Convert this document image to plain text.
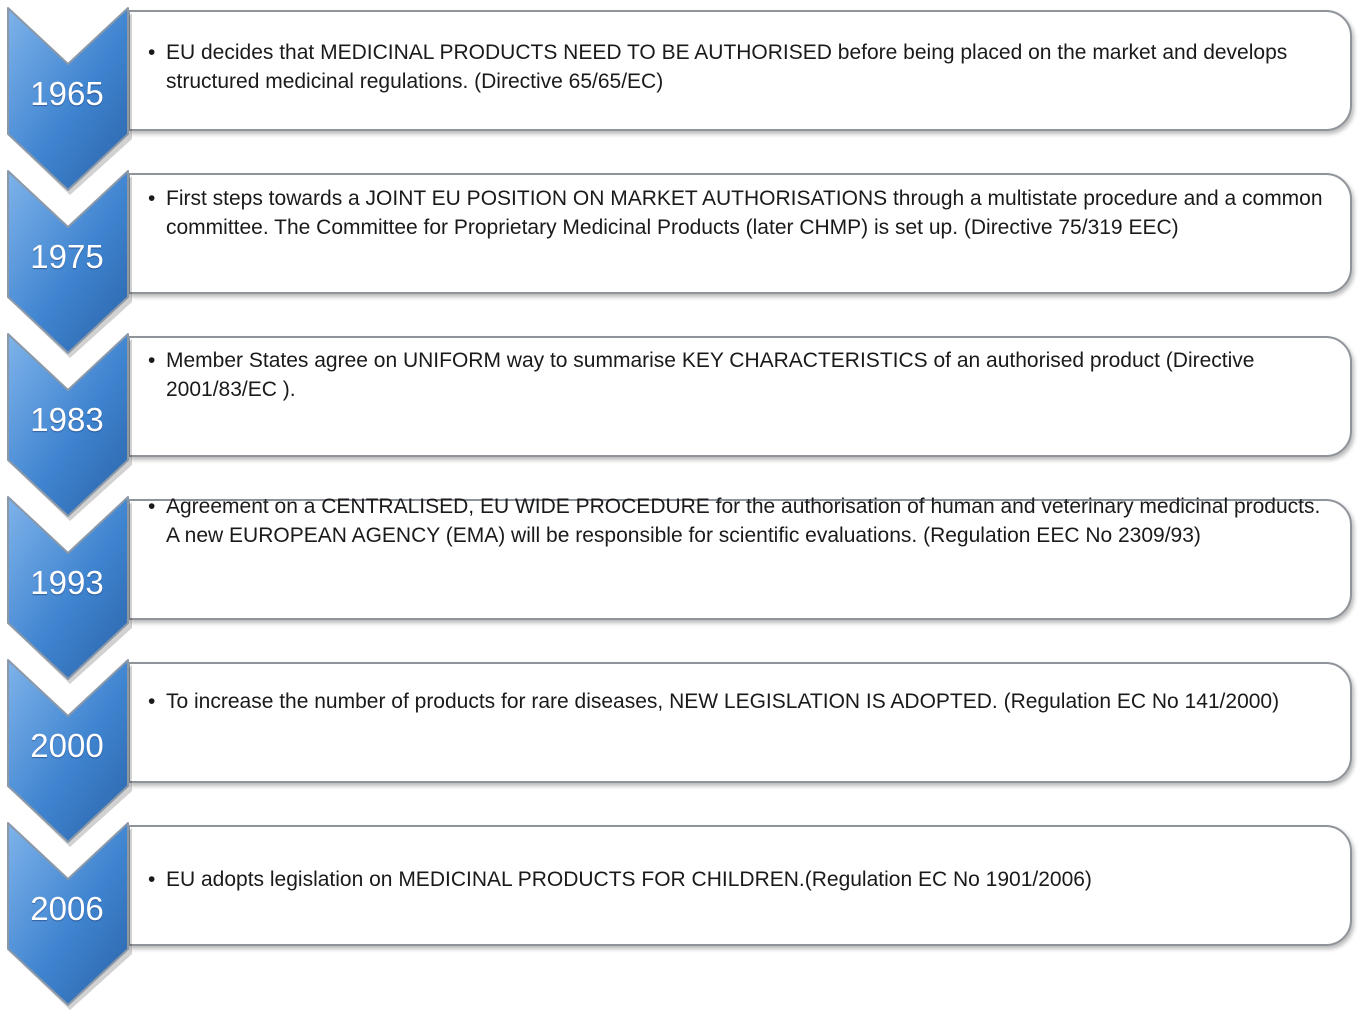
1965
• EU decides that MEDICINAL PRODUCTS NEED TO BE AUTHORISED before being placed on the market and develops structured medicinal regulations. (Directive 65/65/EC)
1975
• First steps towards a JOINT EU POSITION ON MARKET AUTHORISATIONS through a multistate procedure and a common committee. The Committee for Proprietary Medicinal Products (later CHMP) is set up. (Directive 75/319 EEC)
1983
• Member States agree on UNIFORM way to summarise KEY CHARACTERISTICS of an authorised product (Directive 2001/83/EC ).
1993
• Agreement on a CENTRALISED, EU WIDE PROCEDURE for the authorisation of human and veterinary medicinal products. A new EUROPEAN AGENCY (EMA) will be responsible for scientific evaluations. (Regulation EEC No 2309/93)
2000
• To increase the number of products for rare diseases, NEW LEGISLATION IS ADOPTED. (Regulation EC No 141/2000)
2006
• EU adopts legislation on MEDICINAL PRODUCTS FOR CHILDREN.(Regulation EC No 1901/2006)
